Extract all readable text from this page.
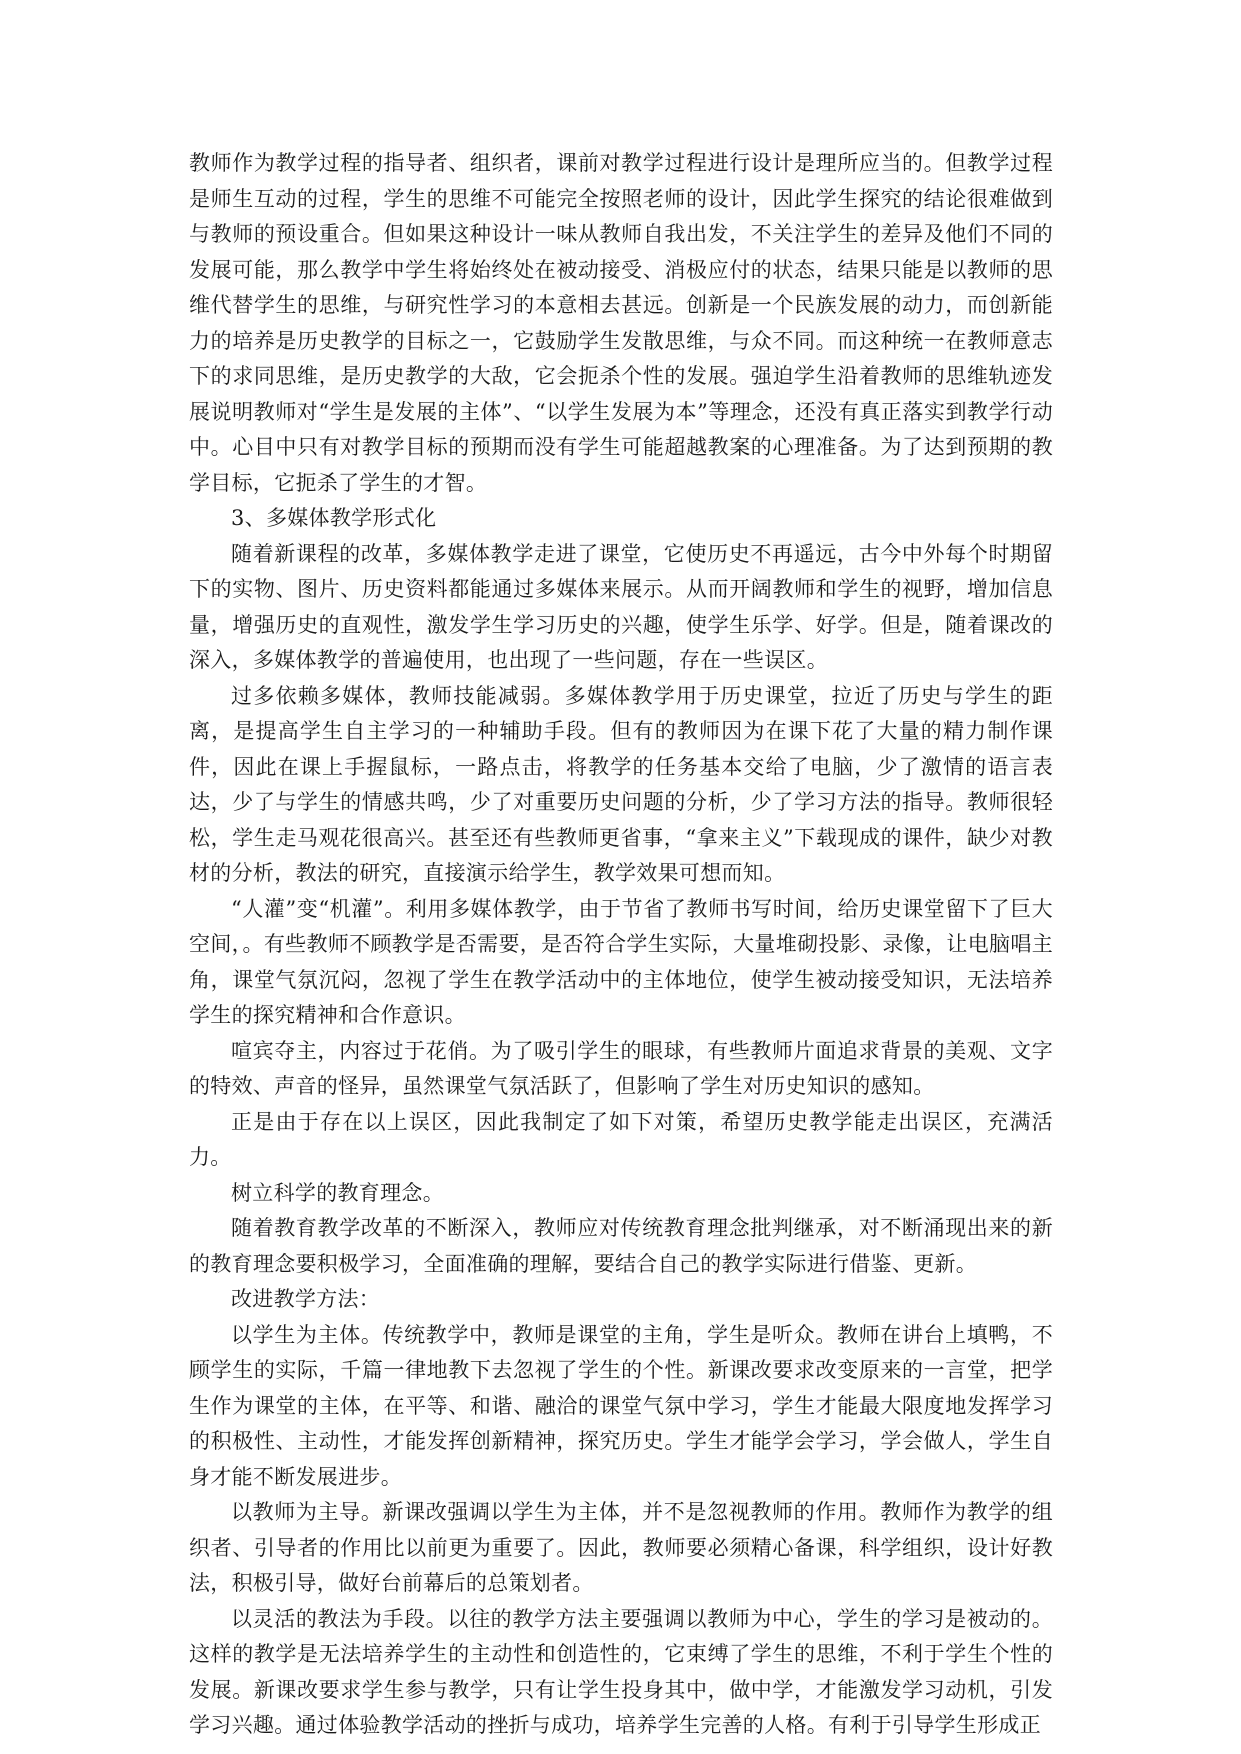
教师作为教学过程的指导者、组织者，课前对教学过程进行设计是理所应当的。但教学过程是师生互动的过程，学生的思维不可能完全按照老师的设计，因此学生探究的结论很难做到与教师的预设重合。但如果这种设计一味从教师自我出发，不关注学生的差异及他们不同的发展可能，那么教学中学生将始终处在被动接受、消极应付的状态，结果只能是以教师的思维代替学生的思维，与研究性学习的本意相去甚远。创新是一个民族发展的动力，而创新能力的培养是历史教学的目标之一，它鼓励学生发散思维，与众不同。而这种统一在教师意志下的求同思维，是历史教学的大敌，它会扼杀个性的发展。强迫学生沿着教师的思维轨迹发展说明教师对“学生是发展的主体”、“以学生发展为本”等理念，还没有真正落实到教学行动中。心目中只有对教学目标的预期而没有学生可能超越教案的心理准备。为了达到预期的教学目标，它扼杀了学生的才智。

3、多媒体教学形式化

随着新课程的改革，多媒体教学走进了课堂，它使历史不再遥远，古今中外每个时期留下的实物、图片、历史资料都能通过多媒体来展示。从而开阔教师和学生的视野，增加信息量，增强历史的直观性，激发学生学习历史的兴趣，使学生乐学、好学。但是，随着课改的深入，多媒体教学的普遍使用，也出现了一些问题，存在一些误区。

过多依赖多媒体，教师技能减弱。多媒体教学用于历史课堂，拉近了历史与学生的距离，是提高学生自主学习的一种辅助手段。但有的教师因为在课下花了大量的精力制作课件，因此在课上手握鼠标，一路点击，将教学的任务基本交给了电脑，少了激情的语言表达，少了与学生的情感共鸣，少了对重要历史问题的分析，少了学习方法的指导。教师很轻松，学生走马观花很高兴。甚至还有些教师更省事，“拿来主义”下载现成的课件，缺少对教材的分析，教法的研究，直接演示给学生，教学效果可想而知。

“人灌”变“机灌”。利用多媒体教学，由于节省了教师书写时间，给历史课堂留下了巨大空间，。有些教师不顾教学是否需要，是否符合学生实际，大量堆砌投影、录像，让电脑唱主角，课堂气氛沉闷，忽视了学生在教学活动中的主体地位，使学生被动接受知识，无法培养学生的探究精神和合作意识。

喧宾夺主，内容过于花俏。为了吸引学生的眼球，有些教师片面追求背景的美观、文字的特效、声音的怪异，虽然课堂气氛活跃了，但影响了学生对历史知识的感知。

正是由于存在以上误区，因此我制定了如下对策，希望历史教学能走出误区，充满活力。

树立科学的教育理念。

随着教育教学改革的不断深入，教师应对传统教育理念批判继承，对不断涌现出来的新的教育理念要积极学习，全面准确的理解，要结合自己的教学实际进行借鉴、更新。

改进教学方法：

以学生为主体。传统教学中，教师是课堂的主角，学生是听众。教师在讲台上填鸭，不顾学生的实际，千篇一律地教下去忽视了学生的个性。新课改要求改变原来的一言堂，把学生作为课堂的主体，在平等、和谐、融洽的课堂气氛中学习，学生才能最大限度地发挥学习的积极性、主动性，才能发挥创新精神，探究历史。学生才能学会学习，学会做人，学生自身才能不断发展进步。

以教师为主导。新课改强调以学生为主体，并不是忽视教师的作用。教师作为教学的组织者、引导者的作用比以前更为重要了。因此，教师要必须精心备课，科学组织，设计好教法，积极引导，做好台前幕后的总策划者。

以灵活的教法为手段。以往的教学方法主要强调以教师为中心，学生的学习是被动的。这样的教学是无法培养学生的主动性和创造性的，它束缚了学生的思维，不利于学生个性的发展。新课改要求学生参与教学，只有让学生投身其中，做中学，才能激发学习动机，引发学习兴趣。通过体验教学活动的挫折与成功，培养学生完善的人格。有利于引导学生形成正
